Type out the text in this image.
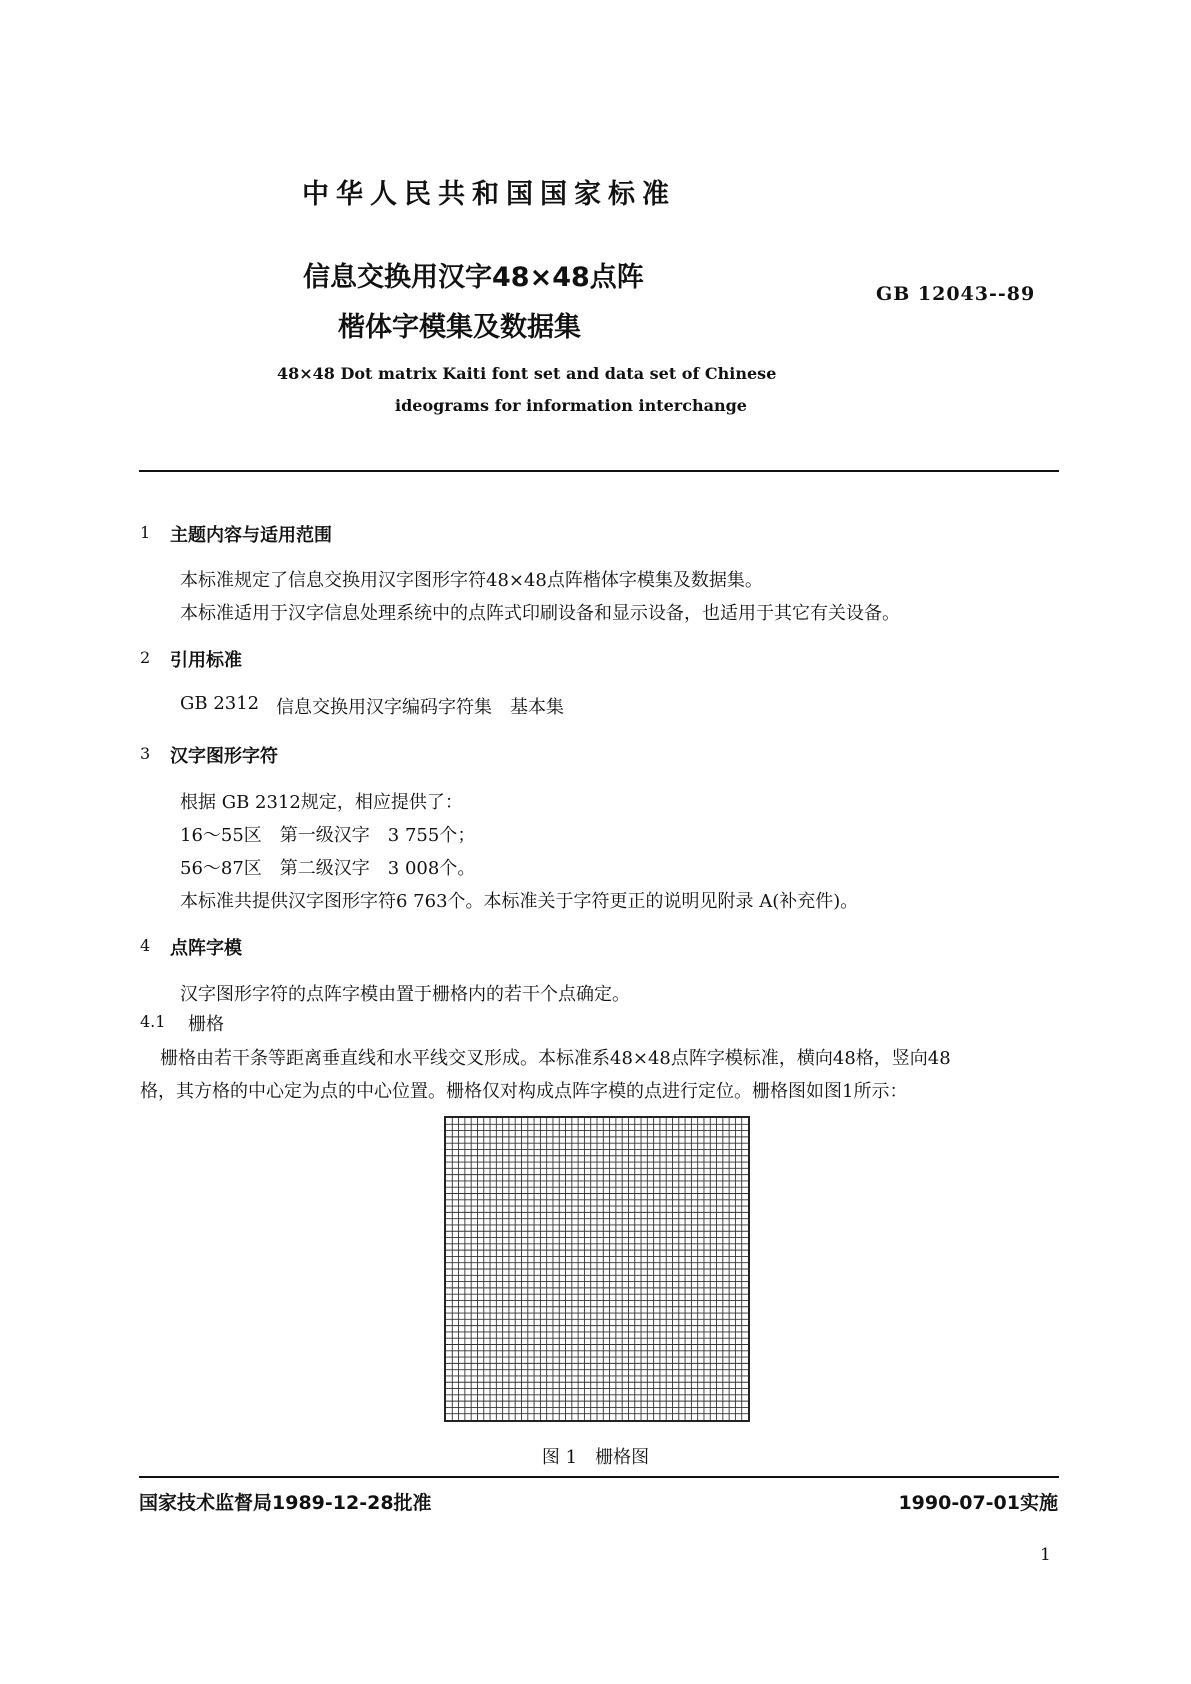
中华人民共和国国家标准
信息交换用汉字48×48点阵
楷体字模集及数据集
GB 12043--89
48×48 Dot matrix Kaiti font set and data set of Chinese
ideograms for information interchange
1 主题内容与适用范围
本标准规定了信息交换用汉字图形字符48×48点阵楷体字模集及数据集。
本标准适用于汉字信息处理系统中的点阵式印刷设备和显示设备，也适用于其它有关设备。
2 引用标准
GB 2312 信息交换用汉字编码字符集　基本集
3 汉字图形字符
根据 GB 2312规定，相应提供了：
16～55区　第一级汉字　3 755个；
56～87区　第二级汉字　3 008个。
本标准共提供汉字图形字符6 763个。本标准关于字符更正的说明见附录 A(补充件)。
4 点阵字模
汉字图形字符的点阵字模由置于栅格内的若干个点确定。
4.1 栅格
栅格由若干条等距离垂直线和水平线交叉形成。本标准系48×48点阵字模标准，横向48格，竖向48
格，其方格的中心定为点的中心位置。栅格仅对构成点阵字模的点进行定位。栅格图如图1所示：
图 1　栅格图
国家技术监督局1989-12-28批准	1990-07-01实施
1
